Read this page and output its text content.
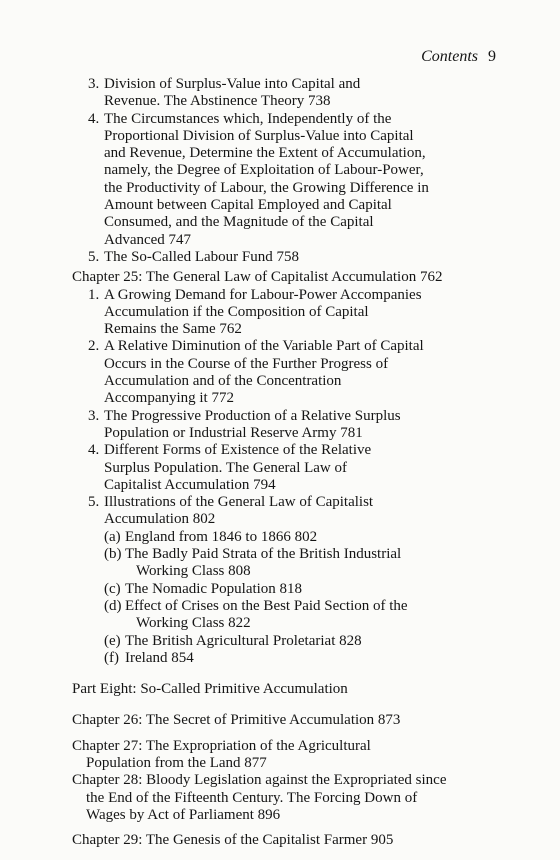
Contents 9
3. Division of Surplus-Value into Capital and
Revenue. The Abstinence Theory 738
4. The Circumstances which, Independently of the
Proportional Division of Surplus-Value into Capital
and Revenue, Determine the Extent of Accumulation,
namely, the Degree of Exploitation of Labour-Power,
the Productivity of Labour, the Growing Difference in
Amount between Capital Employed and Capital
Consumed, and the Magnitude of the Capital
Advanced 747
5. The So-Called Labour Fund 758
Chapter 25: The General Law of Capitalist Accumulation 762
1. A Growing Demand for Labour-Power Accompanies
Accumulation if the Composition of Capital
Remains the Same 762
2. A Relative Diminution of the Variable Part of Capital
Occurs in the Course of the Further Progress of
Accumulation and of the Concentration
Accompanying it 772
3. The Progressive Production of a Relative Surplus
Population or Industrial Reserve Army 781
4. Different Forms of Existence of the Relative
Surplus Population. The General Law of
Capitalist Accumulation 794
5. Illustrations of the General Law of Capitalist
Accumulation 802
(a) England from 1846 to 1866 802
(b) The Badly Paid Strata of the British Industrial
Working Class 808
(c) The Nomadic Population 818
(d) Effect of Crises on the Best Paid Section of the
Working Class 822
(e) The British Agricultural Proletariat 828
(f) Ireland 854
Part Eight: So-Called Primitive Accumulation
Chapter 26: The Secret of Primitive Accumulation 873
Chapter 27: The Expropriation of the Agricultural
Population from the Land 877
Chapter 28: Bloody Legislation against the Expropriated since
the End of the Fifteenth Century. The Forcing Down of
Wages by Act of Parliament 896
Chapter 29: The Genesis of the Capitalist Farmer 905
